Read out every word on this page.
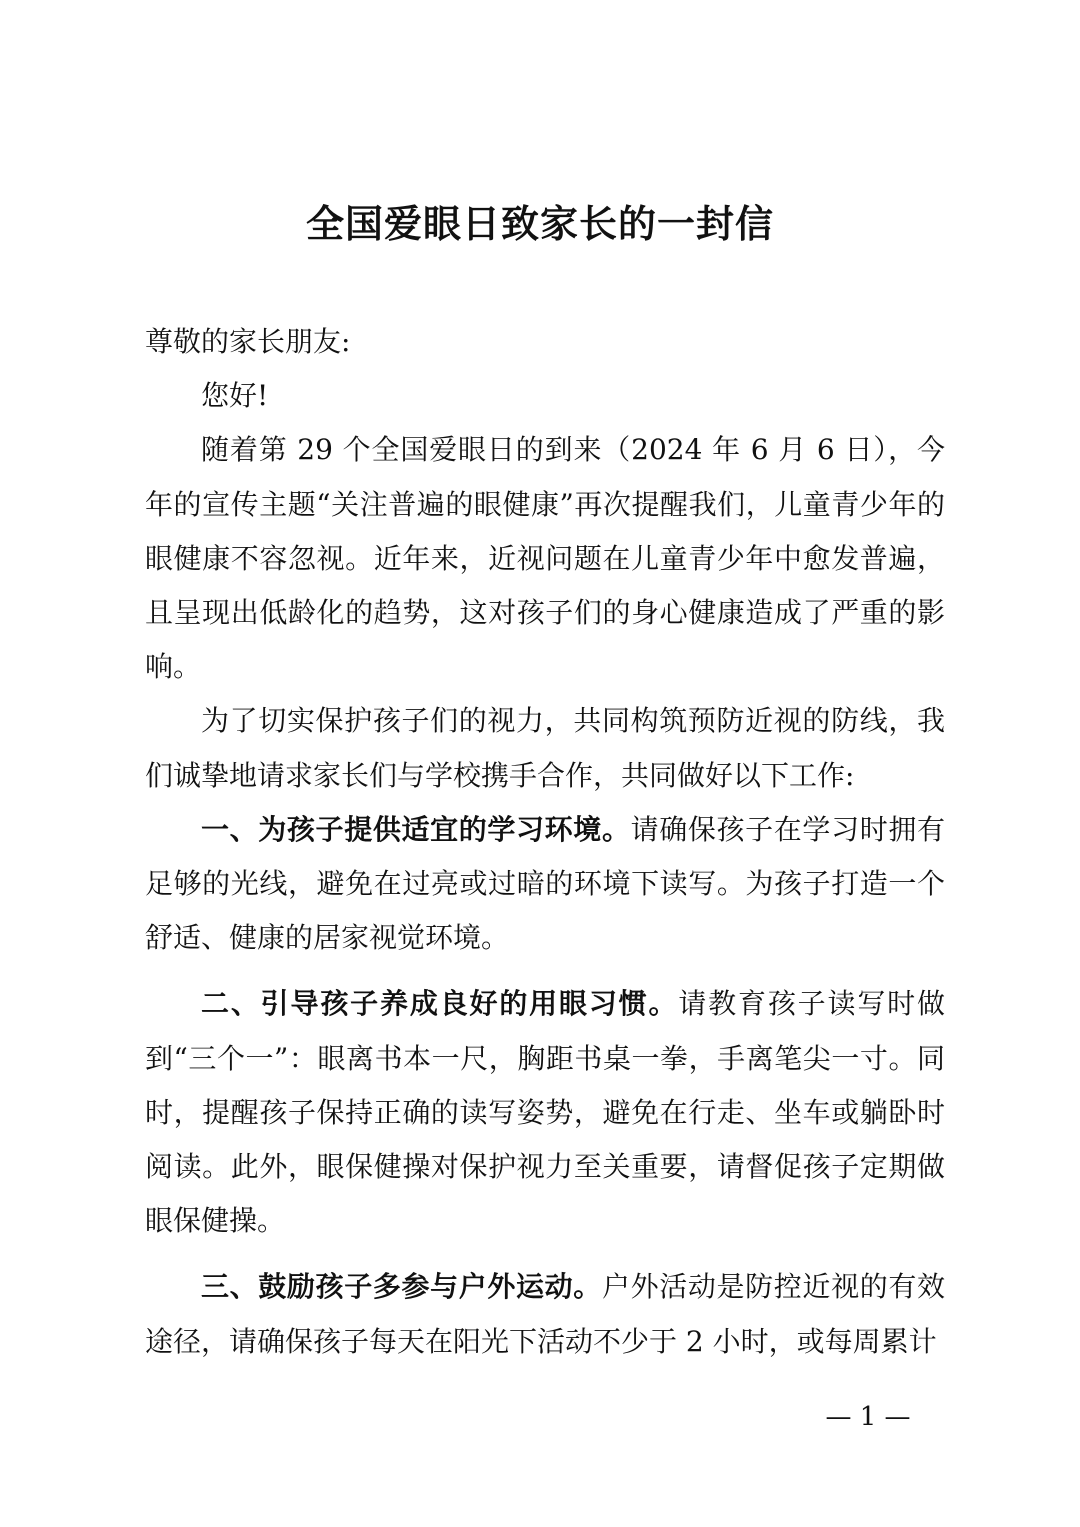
全国爱眼日致家长的一封信

尊敬的家长朋友:

您好!

随着第 29 个全国爱眼日的到来（2024 年 6 月 6 日），今年的宣传主题“关注普遍的眼健康”再次提醒我们，儿童青少年的眼健康不容忽视。近年来，近视问题在儿童青少年中愈发普遍，且呈现出低龄化的趋势，这对孩子们的身心健康造成了严重的影响。

为了切实保护孩子们的视力，共同构筑预防近视的防线，我们诚挚地请求家长们与学校携手合作，共同做好以下工作:

一、为孩子提供适宜的学习环境。请确保孩子在学习时拥有足够的光线，避免在过亮或过暗的环境下读写。为孩子打造一个舒适、健康的居家视觉环境。

二、引导孩子养成良好的用眼习惯。请教育孩子读写时做到“三个一”：眼离书本一尺，胸距书桌一拳，手离笔尖一寸。同时，提醒孩子保持正确的读写姿势，避免在行走、坐车或躺卧时阅读。此外，眼保健操对保护视力至关重要，请督促孩子定期做眼保健操。

三、鼓励孩子多参与户外运动。户外活动是防控近视的有效途径，请确保孩子每天在阳光下活动不少于 2 小时，或每周累计

— 1 —
